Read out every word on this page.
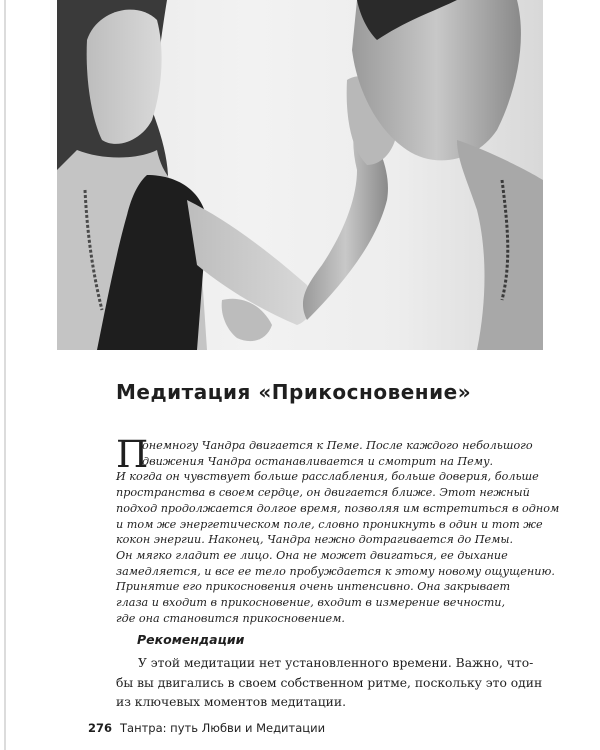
Медитация «Прикосновение»
П
онемногу Чандра двигается к Пеме. После каждого небольшого
движения Чандра останавливается и смотрит на Пему.
И когда он чувствует больше расслабления, больше доверия, больше
пространства в своем сердце, он двигается ближе. Этот нежный
подход продолжается долгое время, позволяя им встретиться в одном
и том же энергетическом поле, словно проникнуть в один и тот же
кокон энергии. Наконец, Чандра нежно дотрагивается до Пемы.
Он мягко гладит ее лицо. Она не может двигаться, ее дыхание
замедляется, и все ее тело пробуждается к этому новому ощущению.
Принятие его прикосновения очень интенсивно. Она закрывает
глаза и входит в прикосновение, входит в измерение вечности,
где она становится прикосновением.
Рекомендации
У этой медитации нет установленного времени. Важно, что-
бы вы двигались в своем собственном ритме, поскольку это один
из ключевых моментов медитации.
276 Тантра: путь Любви и Медитации
